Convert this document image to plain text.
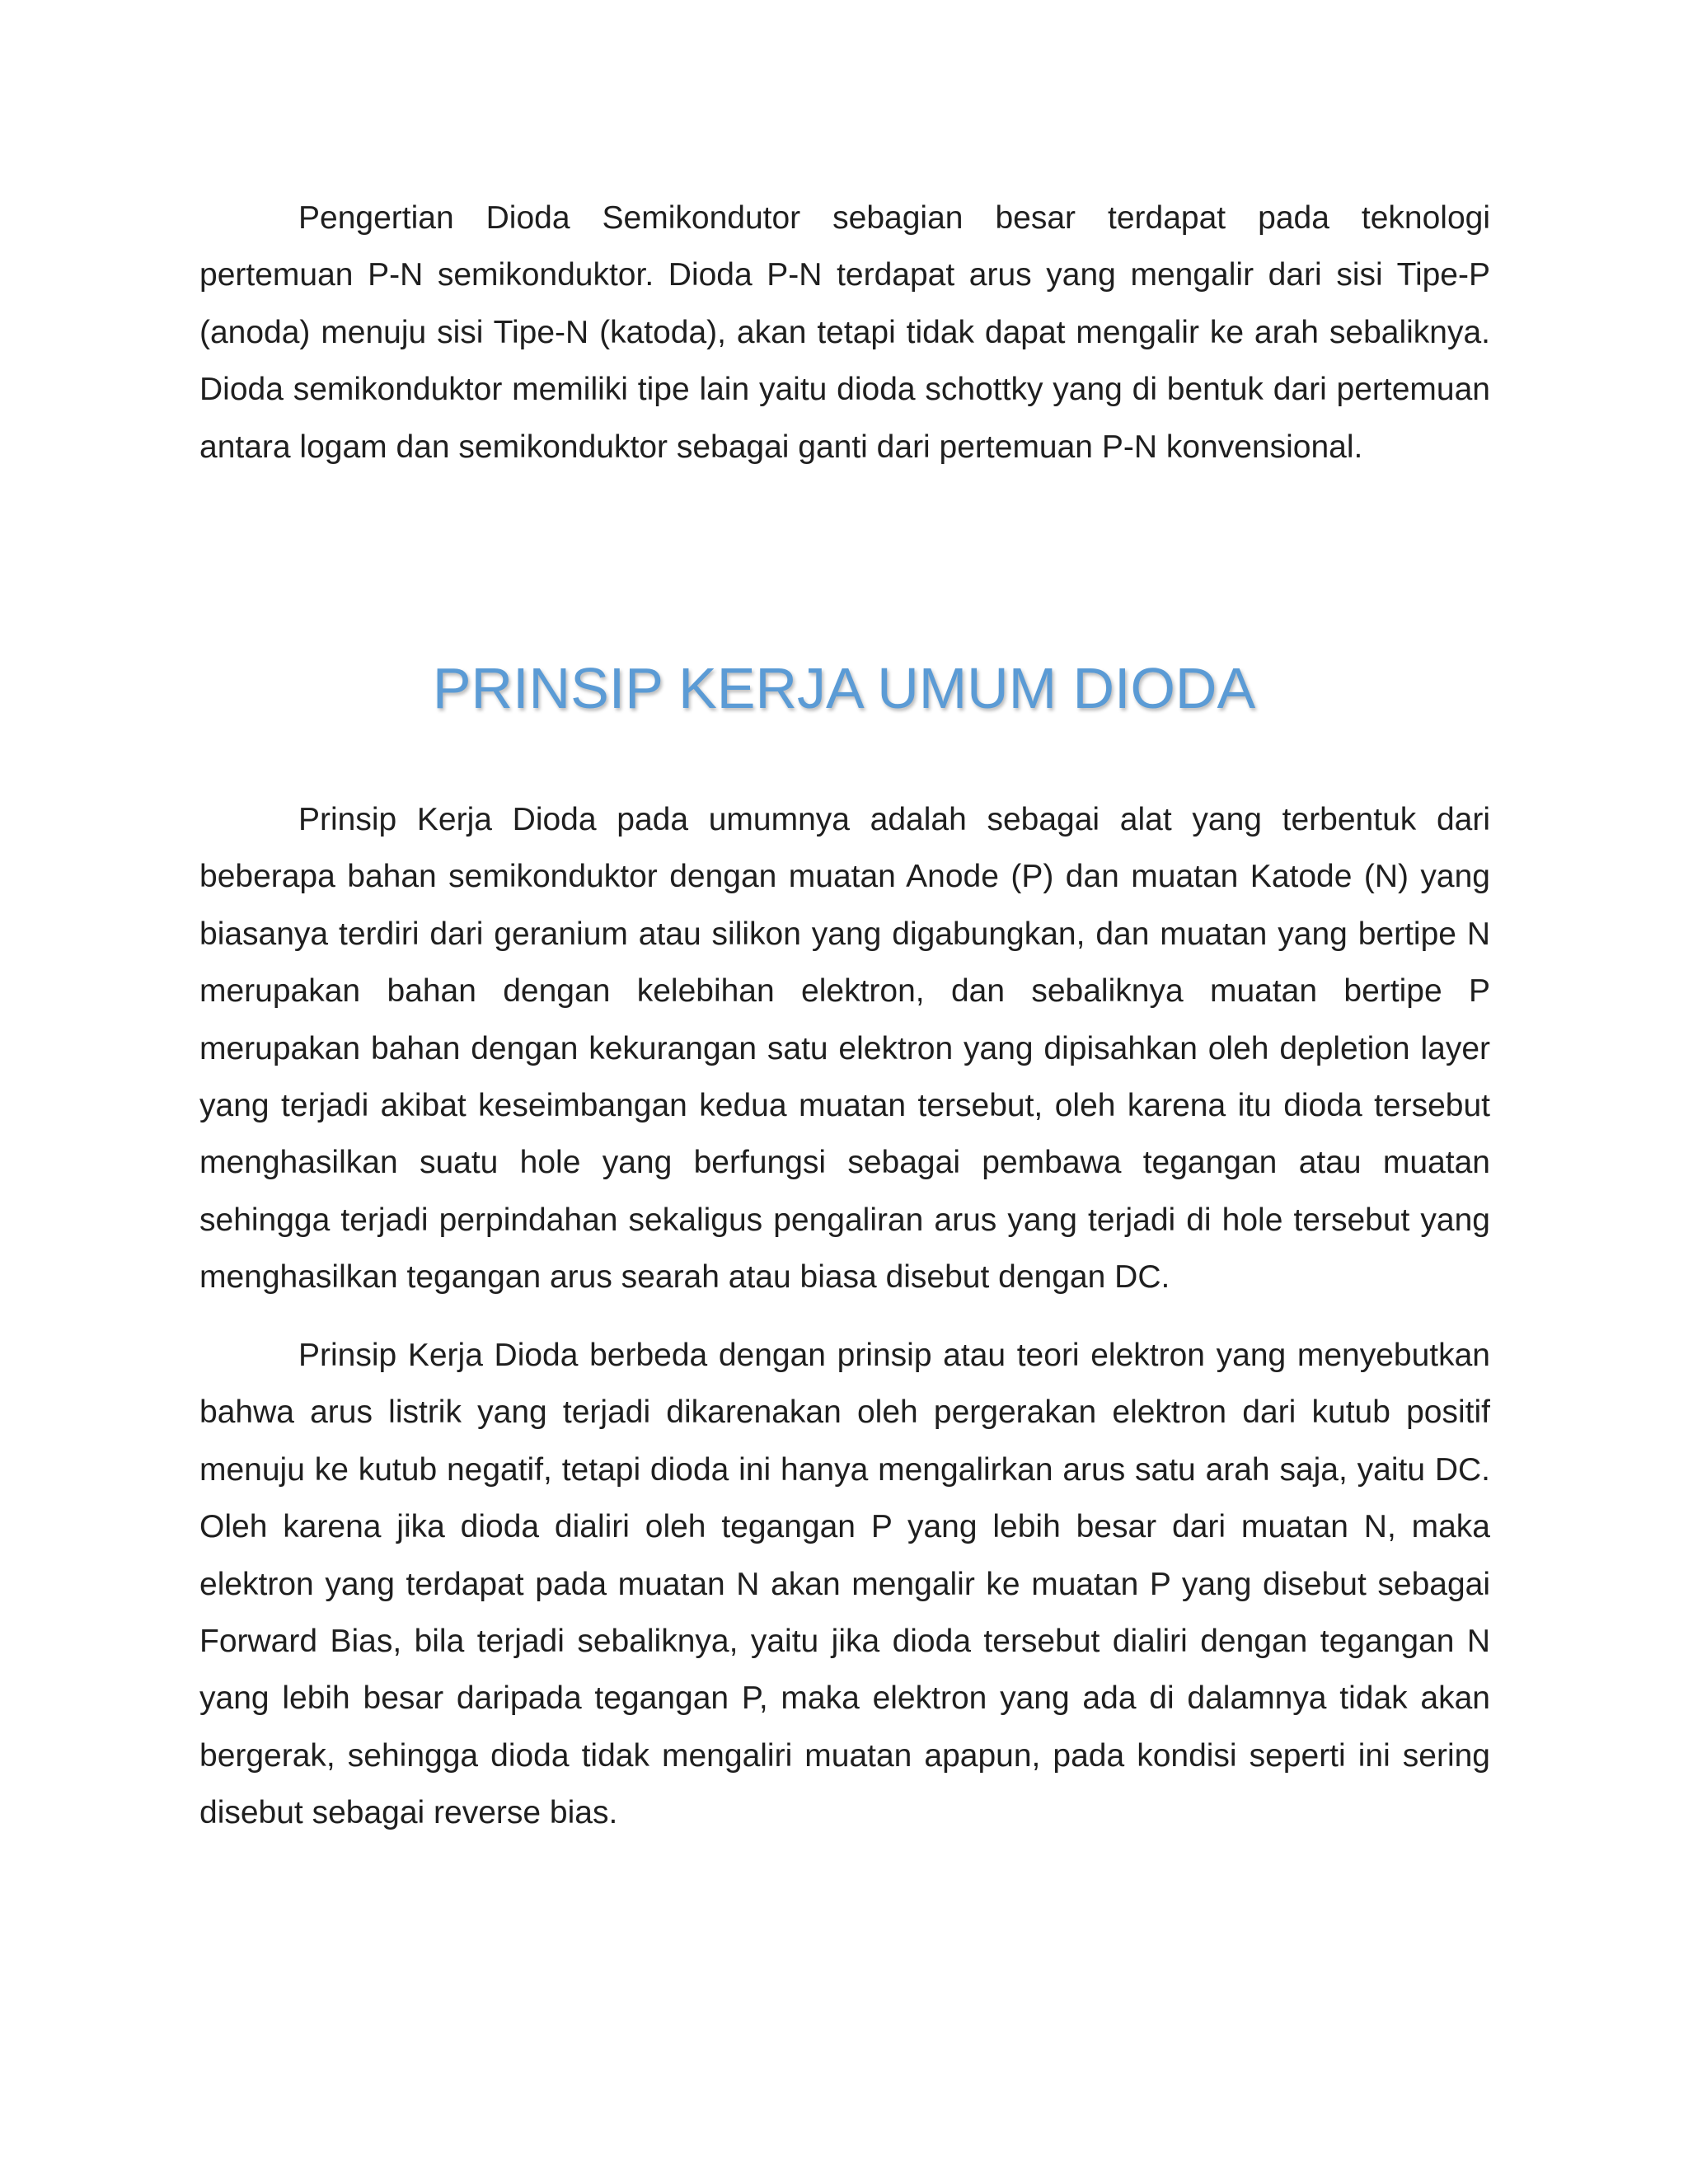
Pengertian Dioda Semikondutor sebagian besar terdapat pada teknologi pertemuan P-N semikonduktor. Dioda P-N terdapat arus yang mengalir dari sisi Tipe-P (anoda) menuju sisi Tipe-N (katoda), akan tetapi tidak dapat mengalir ke arah sebaliknya. Dioda semikonduktor memiliki tipe lain yaitu dioda schottky yang di bentuk dari pertemuan antara logam dan semikonduktor sebagai ganti dari pertemuan P-N konvensional.

PRINSIP KERJA UMUM DIODA

Prinsip Kerja Dioda pada umumnya adalah sebagai alat yang terbentuk dari beberapa bahan semikonduktor dengan muatan Anode (P) dan muatan Katode (N) yang biasanya terdiri dari geranium atau silikon yang digabungkan, dan muatan yang bertipe N merupakan bahan dengan kelebihan elektron, dan sebaliknya muatan bertipe P merupakan bahan dengan kekurangan satu elektron yang dipisahkan oleh depletion layer yang terjadi akibat keseimbangan kedua muatan tersebut, oleh karena itu dioda tersebut menghasilkan suatu hole yang berfungsi sebagai pembawa tegangan atau muatan sehingga terjadi perpindahan sekaligus pengaliran arus yang terjadi di hole tersebut yang menghasilkan tegangan arus searah atau biasa disebut dengan DC.

Prinsip Kerja Dioda berbeda dengan prinsip atau teori elektron yang menyebutkan bahwa arus listrik yang terjadi dikarenakan oleh pergerakan elektron dari kutub positif menuju ke kutub negatif, tetapi dioda ini hanya mengalirkan arus satu arah saja, yaitu DC. Oleh karena jika dioda dialiri oleh tegangan P yang lebih besar dari muatan N, maka elektron yang terdapat pada muatan N akan mengalir ke muatan P yang disebut sebagai Forward Bias, bila terjadi sebaliknya, yaitu jika dioda tersebut dialiri dengan tegangan N yang lebih besar daripada tegangan P, maka elektron yang ada di dalamnya tidak akan bergerak, sehingga dioda tidak mengaliri muatan apapun, pada kondisi seperti ini sering disebut sebagai reverse bias.
